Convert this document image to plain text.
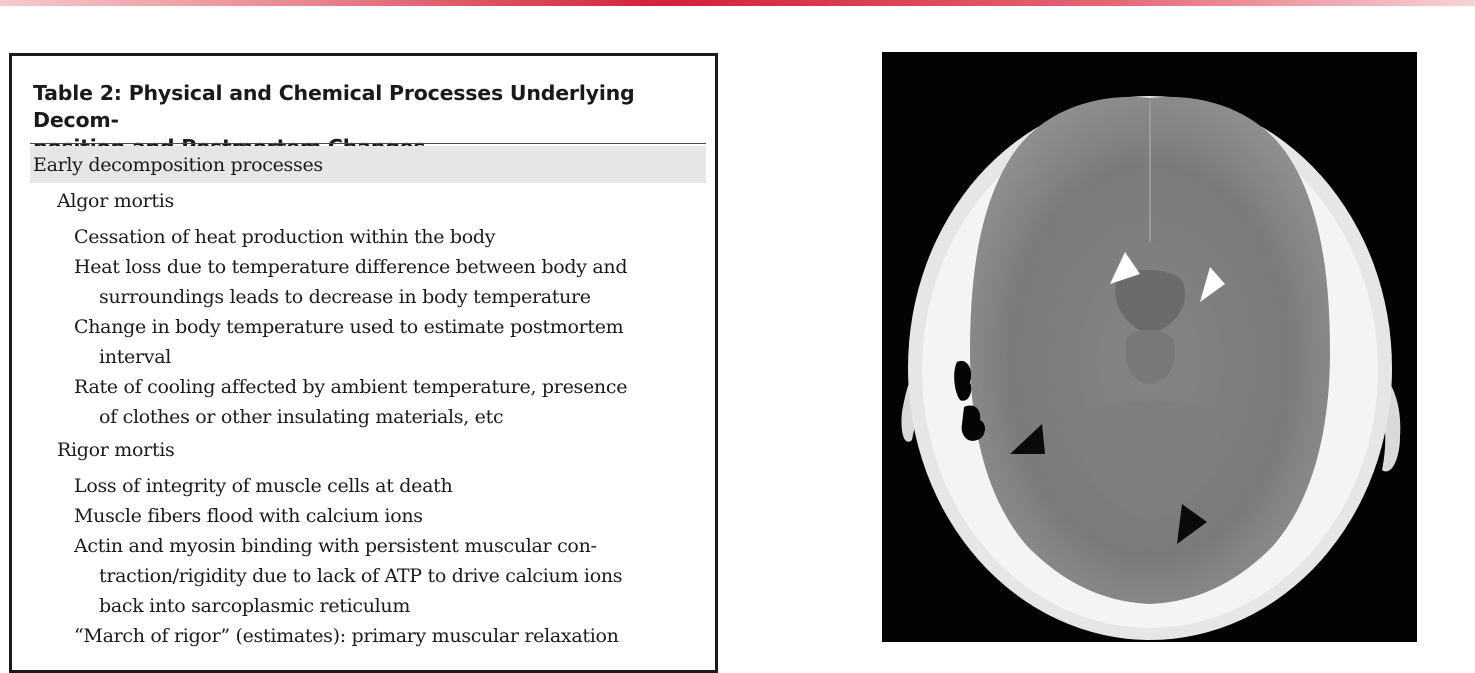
Table 2: Physical and Chemical Processes Underlying Decom-
Early decomposition processes
Algor mortis
Cessation of heat production within the body
Heat loss due to temperature difference between body and
surroundings leads to decrease in body temperature
Change in body temperature used to estimate postmortem
interval
Rate of cooling affected by ambient temperature, presence
of clothes or other insulating materials, etc
Rigor mortis
Loss of integrity of muscle cells at death
Muscle fibers flood with calcium ions
Actin and myosin binding with persistent muscular con-
traction/rigidity due to lack of ATP to drive calcium ions
back into sarcoplasmic reticulum
“March of rigor” (estimates): primary muscular relaxation
